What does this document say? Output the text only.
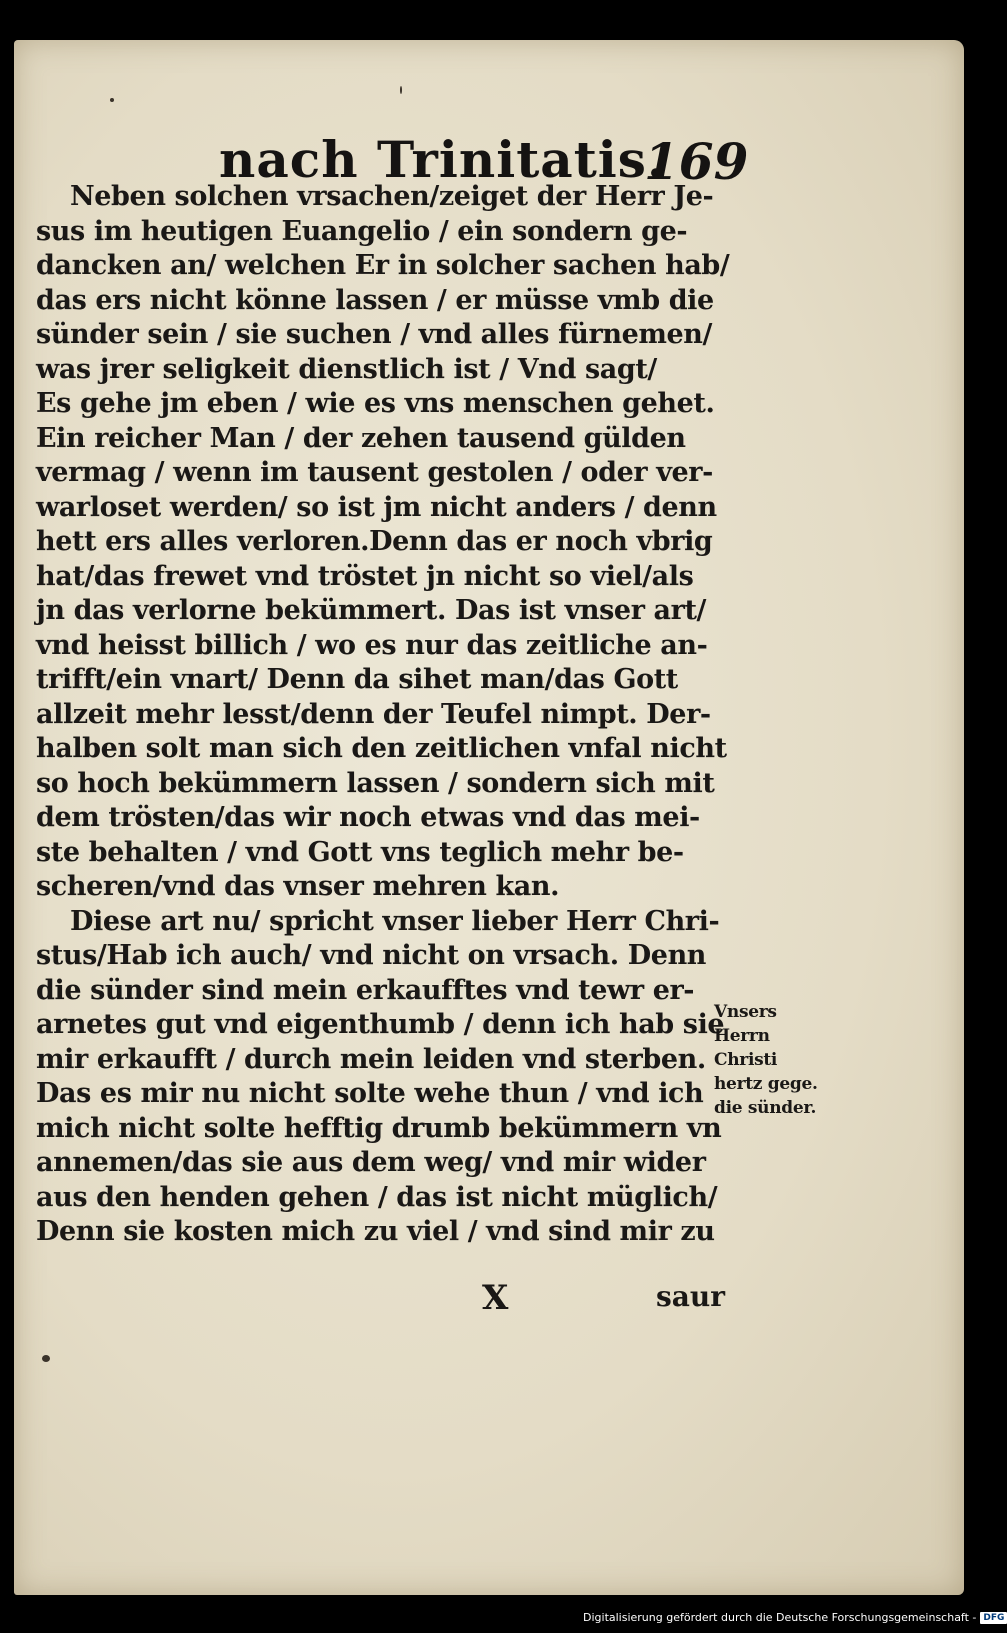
nach Trinitatis.
169
Neben solchen vrsachen/zeiget der Herr Je-
sus im heutigen Euangelio / ein sondern ge-
dancken an/ welchen Er in solcher sachen hab/
das ers nicht könne lassen / er müsse vmb die
sünder sein / sie suchen / vnd alles fürnemen/
was jrer seligkeit dienstlich ist / Vnd sagt/
Es gehe jm eben / wie es vns menschen gehet.
Ein reicher Man / der zehen tausend gülden
vermag / wenn im tausent gestolen / oder ver-
warloset werden/ so ist jm nicht anders / denn
hett ers alles verloren.Denn das er noch vbrig
hat/das frewet vnd tröstet jn nicht so viel/als
jn das verlorne bekümmert. Das ist vnser art/
vnd heisst billich / wo es nur das zeitliche an-
trifft/ein vnart/ Denn da sihet man/das Gott
allzeit mehr lesst/denn der Teufel nimpt. Der-
halben solt man sich den zeitlichen vnfal nicht
so hoch bekümmern lassen / sondern sich mit
dem trösten/das wir noch etwas vnd das mei-
ste behalten / vnd Gott vns teglich mehr be-
scheren/vnd das vnser mehren kan.
Diese art nu/ spricht vnser lieber Herr Chri-
stus/Hab ich auch/ vnd nicht on vrsach. Denn
die sünder sind mein erkaufftes vnd tewr er-
arnetes gut vnd eigenthumb / denn ich hab sie
mir erkaufft / durch mein leiden vnd sterben.
Das es mir nu nicht solte wehe thun / vnd ich
mich nicht solte hefftig drumb bekümmern vn
annemen/das sie aus dem weg/ vnd mir wider
aus den henden gehen / das ist nicht müglich/
Denn sie kosten mich zu viel / vnd sind mir zu
Vnsers
Herrn
Christi
hertz gege.
die sünder.
X	saur
Digitalisierung gefördert durch die Deutsche Forschungsgemeinschaft - DFG
